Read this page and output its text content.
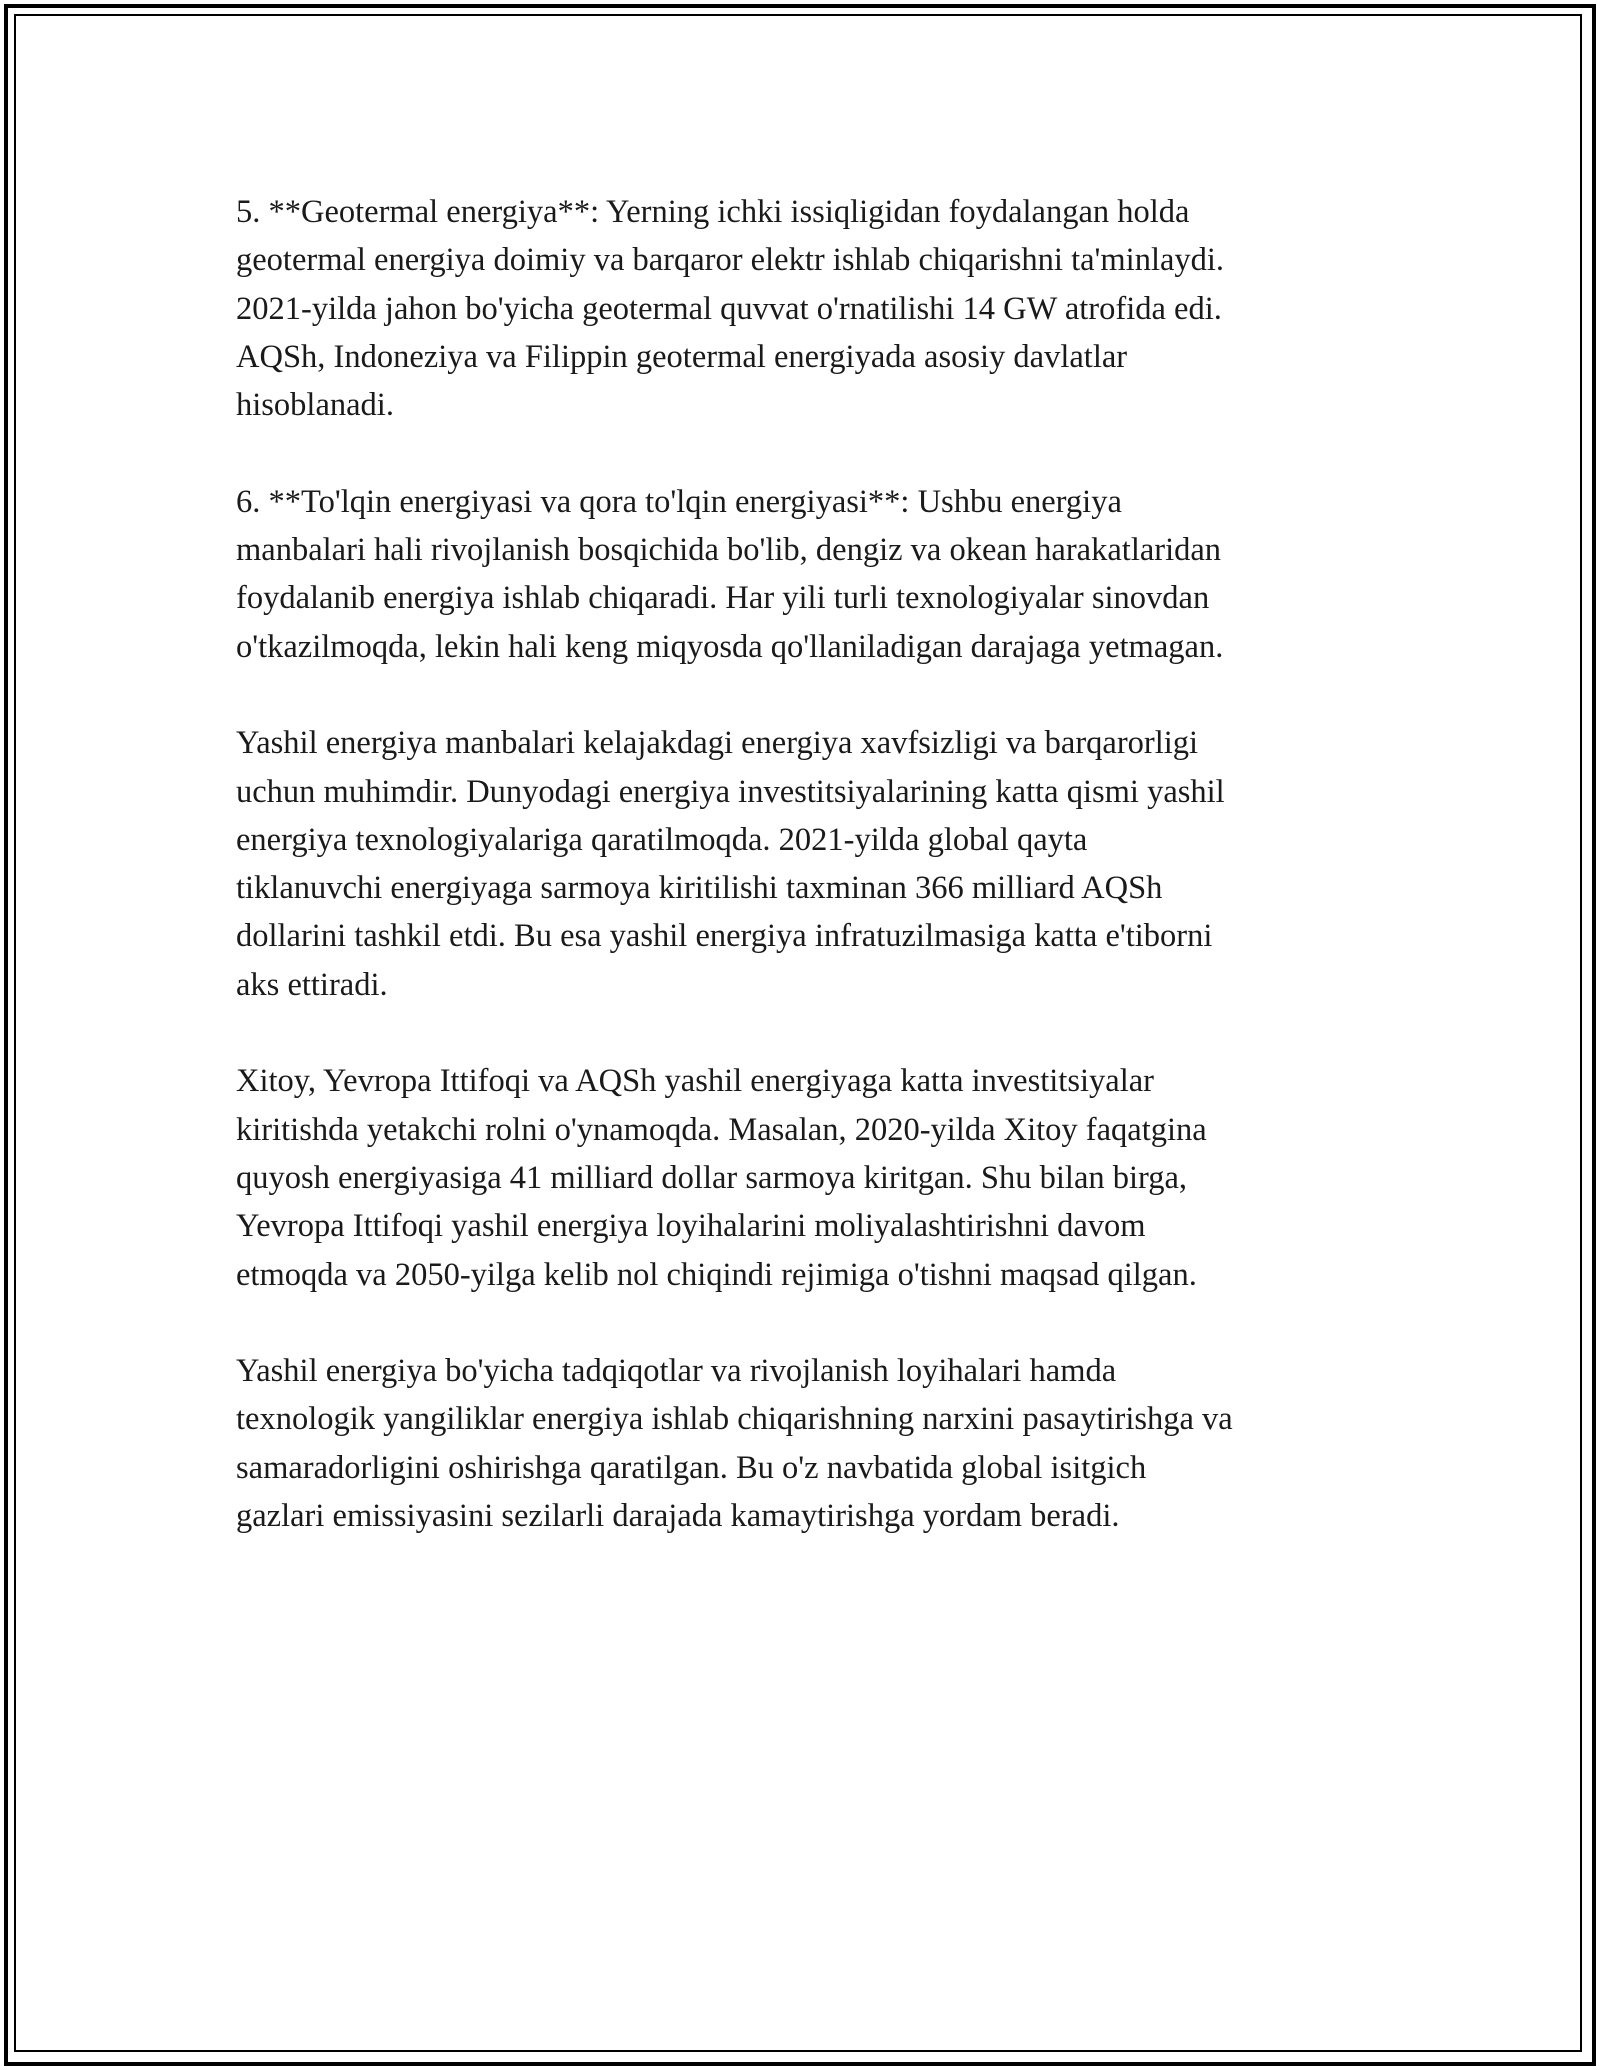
5. **Geotermal energiya**: Yerning ichki issiqligidan foydalangan holda
geotermal energiya doimiy va barqaror elektr ishlab chiqarishni ta'minlaydi.
2021-yilda jahon bo'yicha geotermal quvvat o'rnatilishi 14 GW atrofida edi.
AQSh, Indoneziya va Filippin geotermal energiyada asosiy davlatlar
hisoblanadi.

6. **To'lqin energiyasi va qora to'lqin energiyasi**: Ushbu energiya
manbalari hali rivojlanish bosqichida bo'lib, dengiz va okean harakatlaridan
foydalanib energiya ishlab chiqaradi. Har yili turli texnologiyalar sinovdan
o'tkazilmoqda, lekin hali keng miqyosda qo'llaniladigan darajaga yetmagan.

Yashil energiya manbalari kelajakdagi energiya xavfsizligi va barqarorligi
uchun muhimdir. Dunyodagi energiya investitsiyalarining katta qismi yashil
energiya texnologiyalariga qaratilmoqda. 2021-yilda global qayta
tiklanuvchi energiyaga sarmoya kiritilishi taxminan 366 milliard AQSh
dollarini tashkil etdi. Bu esa yashil energiya infratuzilmasiga katta e'tiborni
aks ettiradi.

Xitoy, Yevropa Ittifoqi va AQSh yashil energiyaga katta investitsiyalar
kiritishda yetakchi rolni o'ynamoqda. Masalan, 2020-yilda Xitoy faqatgina
quyosh energiyasiga 41 milliard dollar sarmoya kiritgan. Shu bilan birga,
Yevropa Ittifoqi yashil energiya loyihalarini moliyalashtirishni davom
etmoqda va 2050-yilga kelib nol chiqindi rejimiga o'tishni maqsad qilgan.

Yashil energiya bo'yicha tadqiqotlar va rivojlanish loyihalari hamda
texnologik yangiliklar energiya ishlab chiqarishning narxini pasaytirishga va
samaradorligini oshirishga qaratilgan. Bu o'z navbatida global isitgich
gazlari emissiyasini sezilarli darajada kamaytirishga yordam beradi.
